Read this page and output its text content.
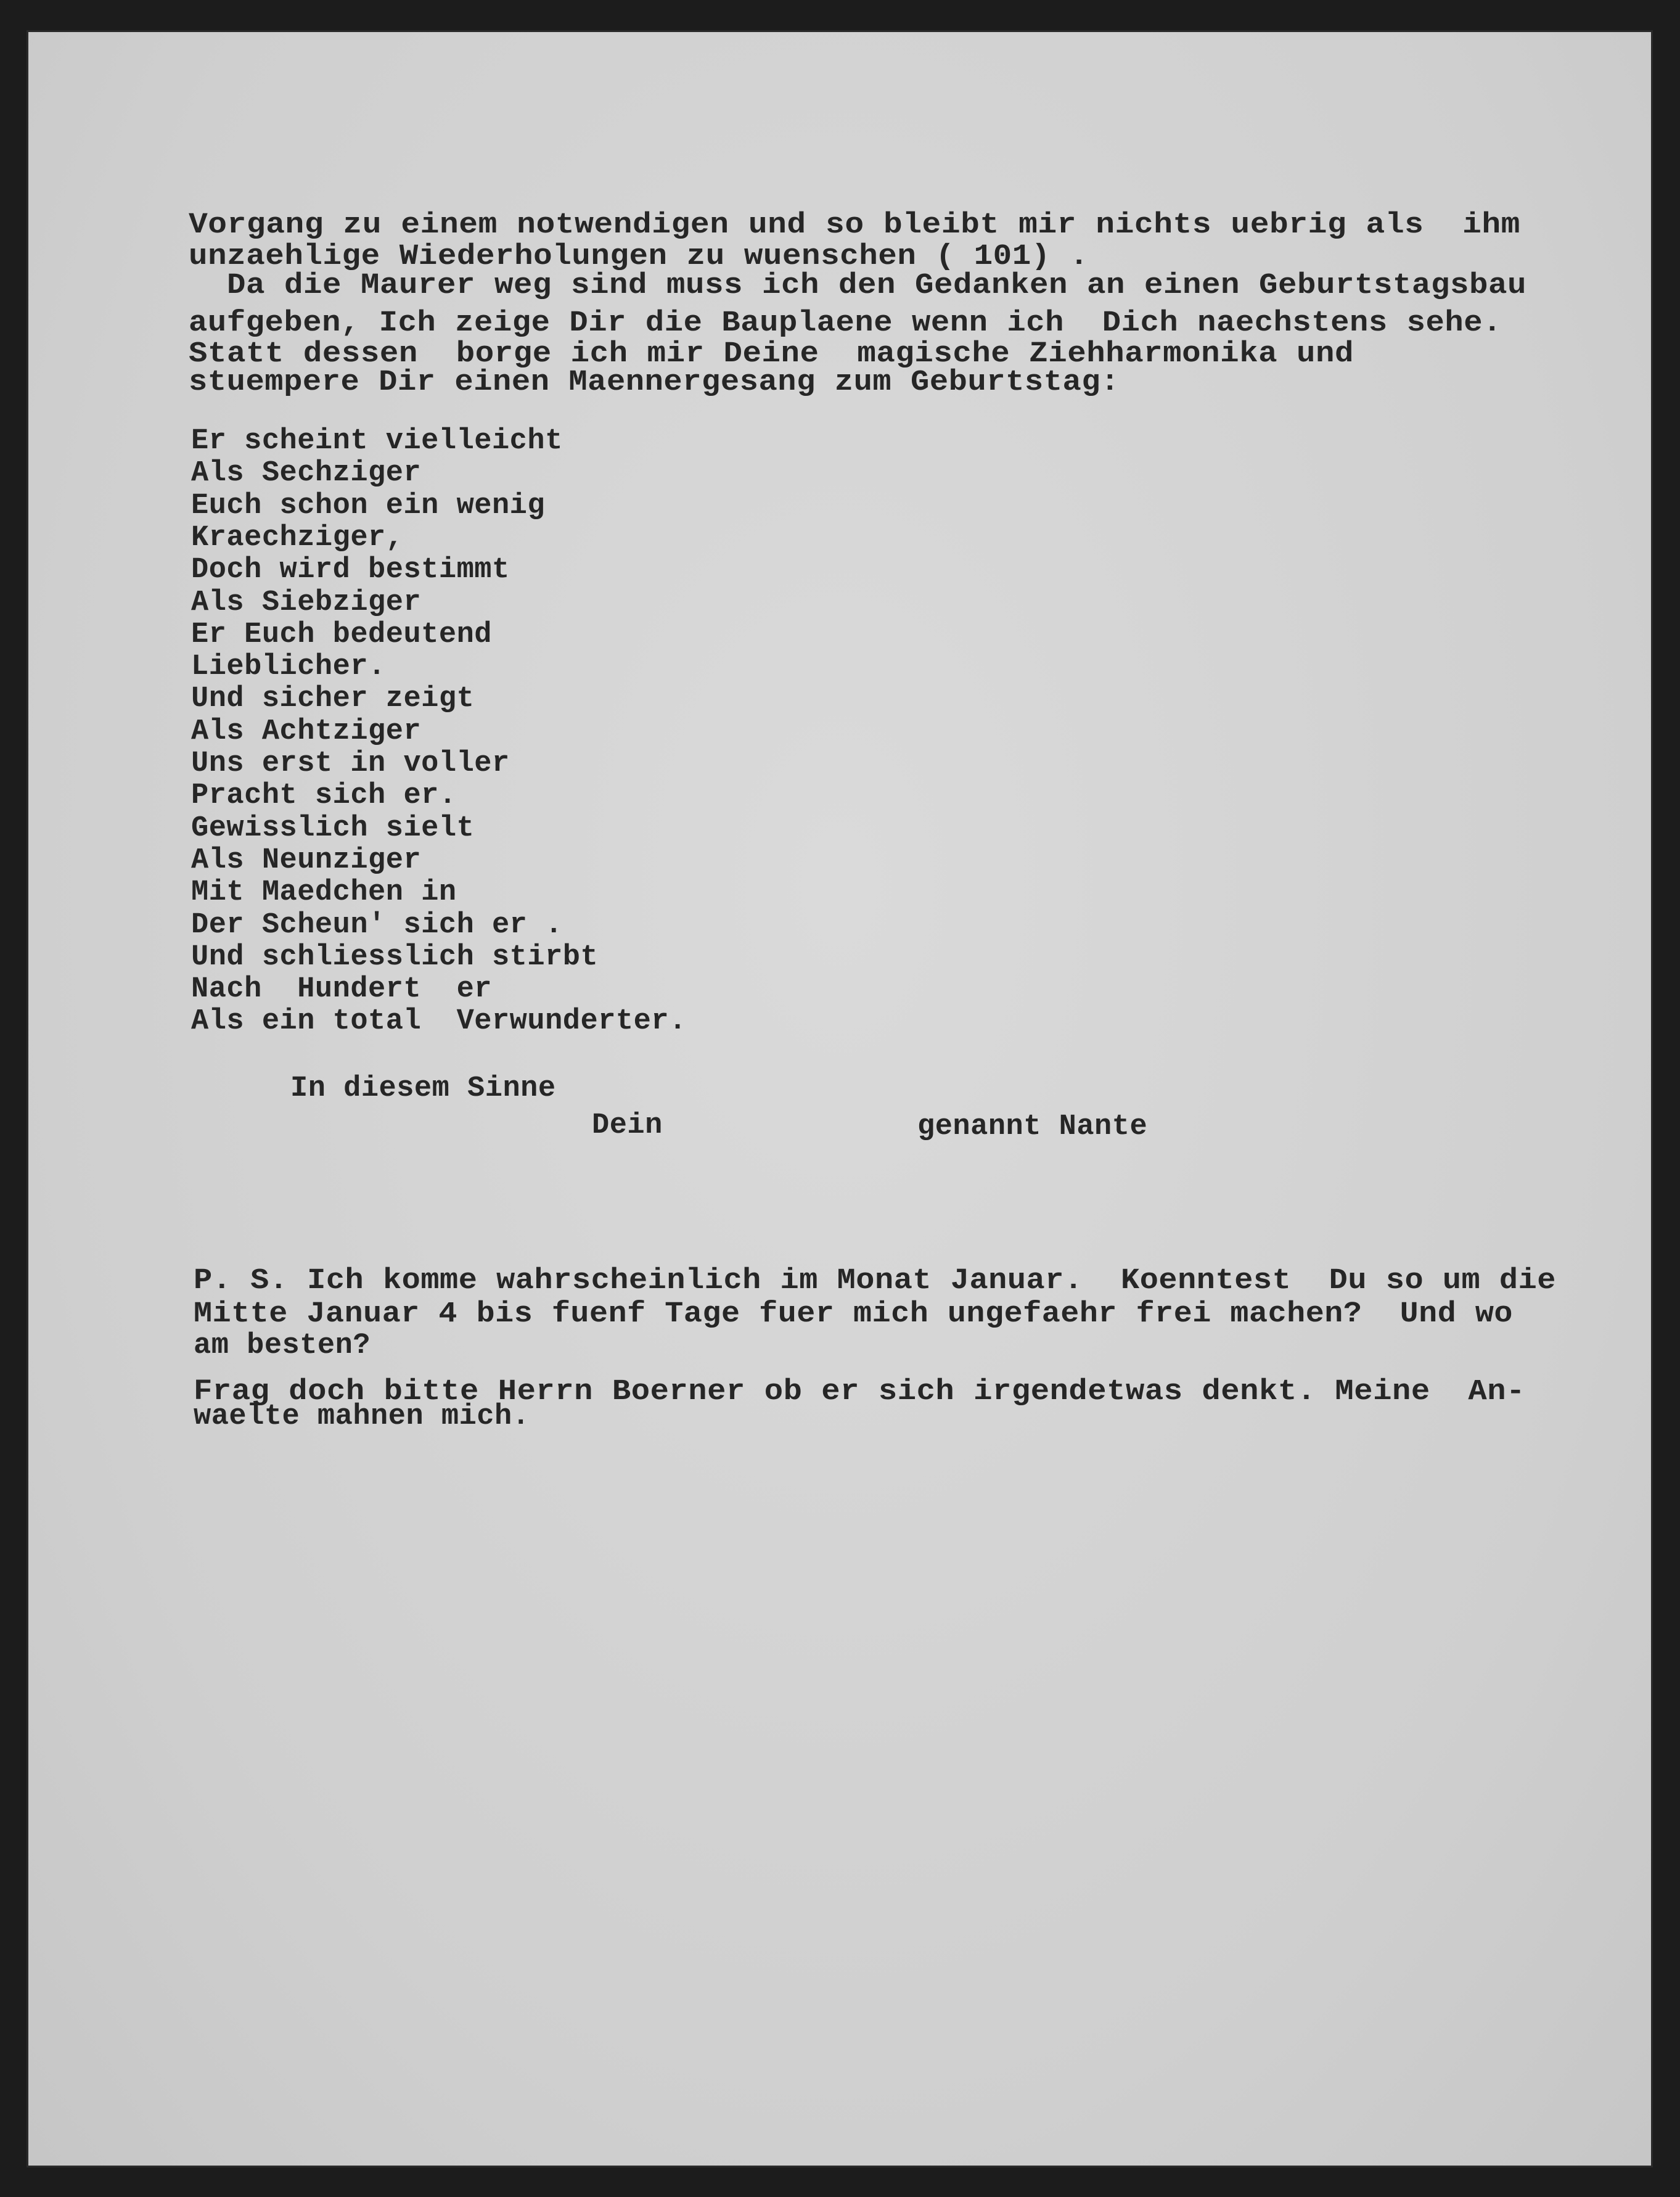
Vorgang zu einem notwendigen und so bleibt mir nichts uebrig als  ihm

unzaehlige Wiederholungen zu wuenschen ( 101) .

Da die Maurer weg sind muss ich den Gedanken an einen Geburtstagsbau

aufgeben, Ich zeige Dir die Bauplaene wenn ich  Dich naechstens sehe.

Statt dessen  borge ich mir Deine  magische Ziehharmonika und

stuempere Dir einen Maennergesang zum Geburtstag:

Er scheint vielleicht

Als Sechziger

Euch schon ein wenig

Kraechziger,

Doch wird bestimmt

Als Siebziger

Er Euch bedeutend

Lieblicher.

Und sicher zeigt

Als Achtziger

Uns erst in voller

Pracht sich er.

Gewisslich sielt

Als Neunziger

Mit Maedchen in

Der Scheun' sich er .

Und schliesslich stirbt

Nach  Hundert  er

Als ein total  Verwunderter.

In diesem Sinne

Dein	genannt Nante

P. S. Ich komme wahrscheinlich im Monat Januar.  Koenntest  Du so um die

Mitte Januar 4 bis fuenf Tage fuer mich ungefaehr frei machen?  Und wo

am besten?

Frag doch bitte Herrn Boerner ob er sich irgendetwas denkt. Meine  An-

waelte mahnen mich.
